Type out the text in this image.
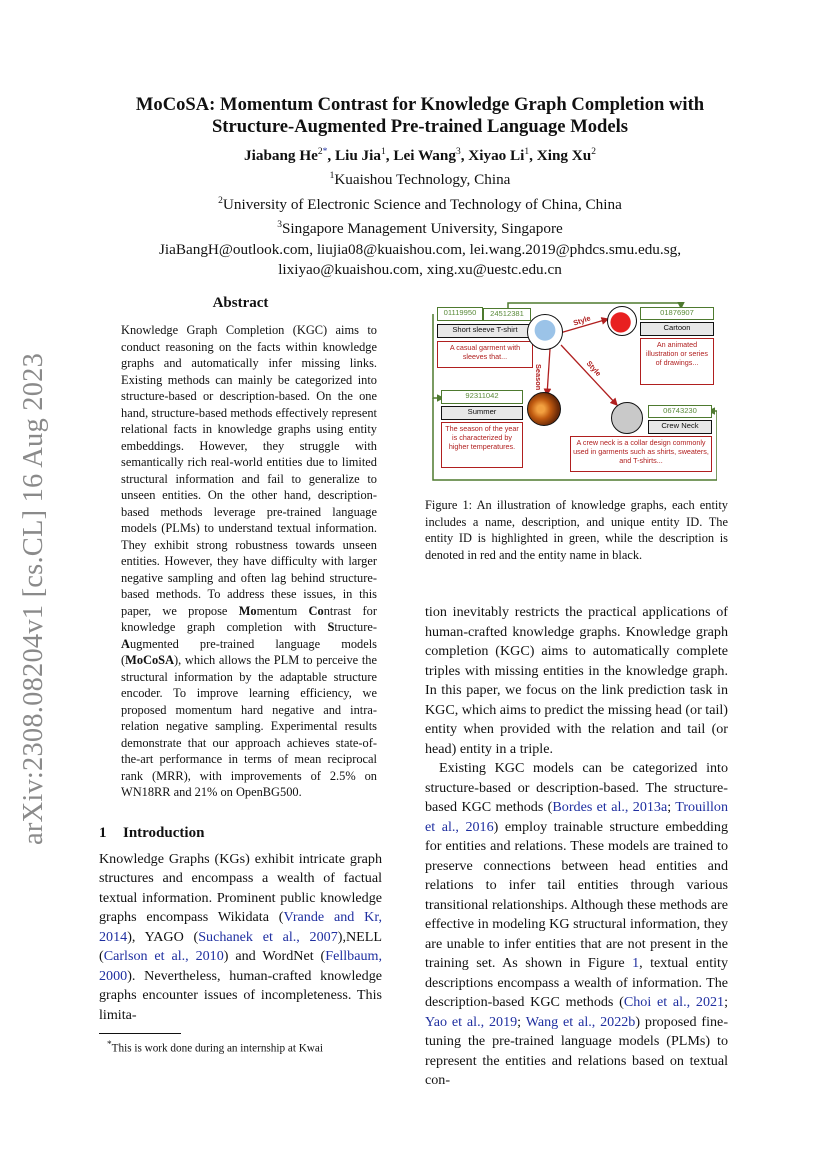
arXiv:2308.08204v1 [cs.CL] 16 Aug 2023
MoCoSA: Momentum Contrast for Knowledge Graph Completion with
Structure-Augmented Pre-trained Language Models
Jiabang $He^{2*}$, Liu Jia$^1$, Lei Wang$^3$, Xiyao Li$^1$, Xing Xu$^2$
$^1$Kuaishou Technology, China
$^2$University of Electronic Science and Technology of China, China
$^3$Singapore Management University, Singapore
JiaBangH@outlook.com, liujia08@kuaishou.com, lei.wang.2019@phdcs.smu.edu.sg,
lixiyao@kuaishou.com, xing.xu@uestc.edu.cn
Abstract

Knowledge Graph Completion (KGC) aims to conduct reasoning on the facts within knowledge graphs and automatically infer missing links. Existing methods can mainly be categorized into structure-based or description-based. On the one hand, structure-based methods effectively represent relational facts in knowledge graphs using entity embeddings. However, they struggle with semantically rich real-world entities due to limited structural information and fail to generalize to unseen entities. On the other hand, description-based methods leverage pre-trained language models (PLMs) to understand textual information. They exhibit strong robustness towards unseen entities. However, they have difficulty with larger negative sampling and often lag behind structure-based methods. To address these issues, in this paper, we propose Momentum Contrast for knowledge graph completion with Structure-Augmented pre-trained language models (MoCoSA), which allows the PLM to perceive the structural information by the adaptable structure encoder. To improve learning efficiency, we proposed momentum hard negative and intra-relation negative sampling. Experimental results demonstrate that our approach achieves state-of-the-art performance in terms of mean reciprocal rank (MRR), with improvements of 2.5% on WN18RR and 21% on OpenBG500.

1 Introduction

Knowledge Graphs (KGs) exhibit intricate graph structures and encompass a wealth of factual textual information. Prominent public knowledge graphs encompass Wikidata (Vrande and Kr, 2014), YAGO (Suchanek et al., 2007),NELL (Carlson et al., 2010) and WordNet (Fellbaum, 2000). Nevertheless, human-crafted knowledge graphs encounter issues of incompleteness. This limita-

*This is work done during an internship at Kwai
01119950	24512381
Short sleeve T-shirt
A casual garment with sleeves that...
Style
Season	Style
01876907
Cartoon
An animated illustration or series of drawings...
92311042
Summer
The season of the year is characterized by higher temperatures.
06743230
Crew Neck
A crew neck is a collar design commonly used in garments such as shirts, sweaters, and T-shirts...

Figure 1: An illustration of knowledge graphs, each entity includes a name, description, and unique entity ID. The entity ID is highlighted in green, while the description is denoted in red and the entity name in black.

tion inevitably restricts the practical applications of human-crafted knowledge graphs. Knowledge graph completion (KGC) aims to automatically complete triples with missing entities in the knowledge graph. In this paper, we focus on the link prediction task in KGC, which aims to predict the missing head (or tail) entity when provided with the relation and tail (or head) entity in a triple.

Existing KGC models can be categorized into structure-based or description-based. The structure-based KGC methods (Bordes et al., 2013a; Trouillon et al., 2016) employ trainable structure embedding for entities and relations. These models are trained to preserve connections between head entities and relations to infer tail entities through various transitional relationships. Although these methods are effective in modeling KG structural information, they are unable to infer entities that are not present in the training set. As shown in Figure 1, textual entity descriptions encompass a wealth of information. The description-based KGC methods (Choi et al., 2021; Yao et al., 2019; Wang et al., 2022b) proposed fine-tuning the pre-trained language models (PLMs) to represent the entities and relations based on textual con-
